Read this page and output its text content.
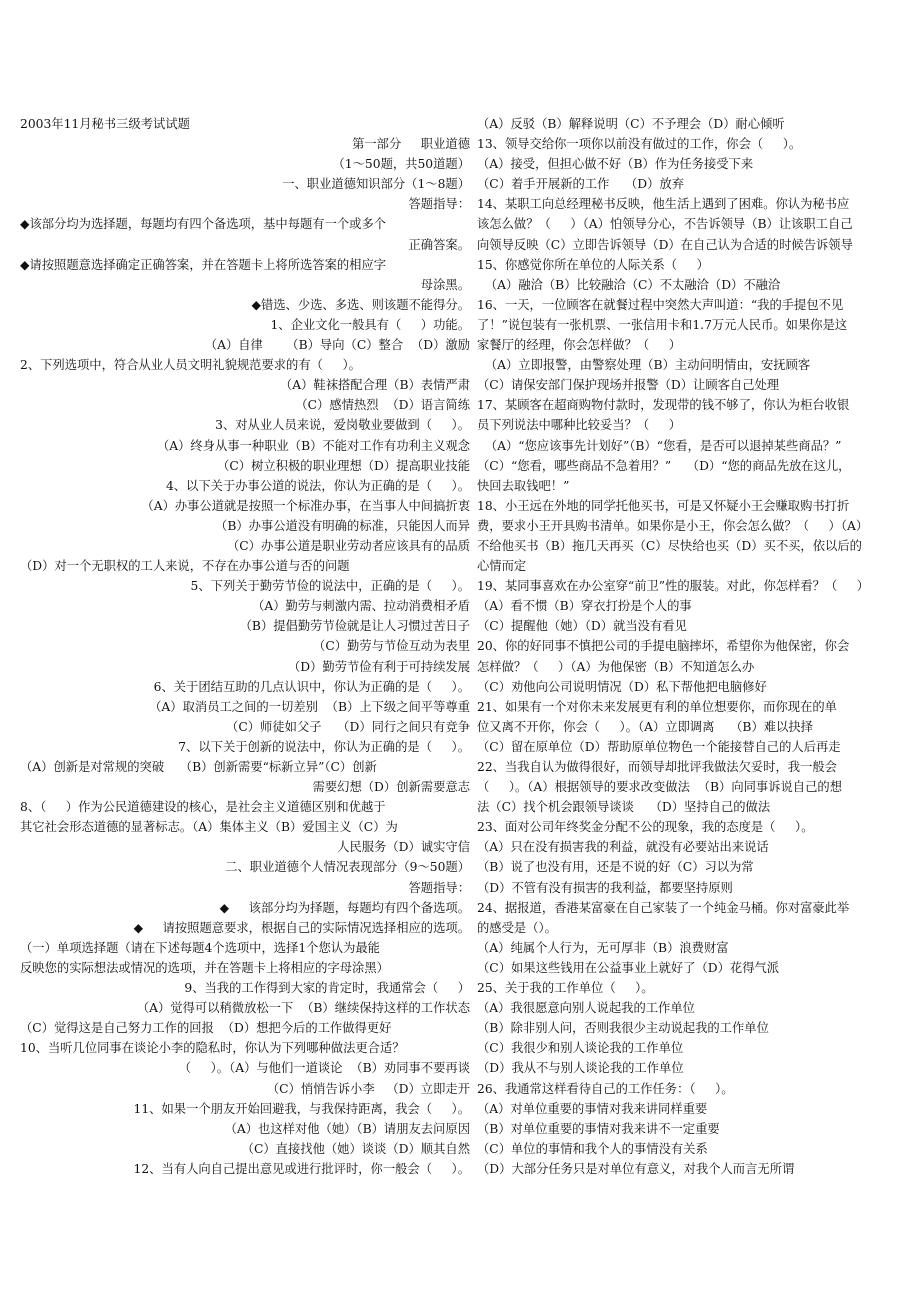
2003年11月秘书三级考试试题
第一部分     职业道德
（1～50题，共50道题）
一、职业道德知识部分（1～8题）
答题指导：
◆该部分均为选择题，每题均有四个备选项，基中每题有一个或多个
正确答案。
◆请按照题意选择确定正确答案，并在答题卡上将所选答案的相应字
母涂黑。
◆错选、少选、多选、则该题不能得分。
1、企业文化一般具有（     ）功能。
（A）自律      （B）导向（C）整合  （D）激励
2、下列选项中，符合从业人员文明礼貌规范要求的有（     ）。
（A）鞋袜搭配合理（B）表情严肃
（C）感情热烈  （D）语言简练
3、对从业人员来说，爱岗敬业要做到（     ）。
（A）终身从事一种职业（B）不能对工作有功利主义观念
（C）树立积极的职业理想（D）提高职业技能
4、以下关于办事公道的说法，你认为正确的是（     ）。
（A）办事公道就是按照一个标准办事，在当事人中间搞折衷
（B）办事公道没有明确的标准，只能因人而异
（C）办事公道是职业劳动者应该具有的品质
（D）对一个无职权的工人来说，不存在办事公道与否的问题
5、下列关于勤劳节俭的说法中，正确的是（     ）。
（A）勤劳与刺激内需、拉动消费相矛盾
（B）提倡勤劳节俭就是让人习惯过苦日子
（C）勤劳与节俭互动为表里
（D）勤劳节俭有利于可持续发展
6、关于团结互助的几点认识中，你认为正确的是（     ）。
（A）取消员工之间的一切差别  （B）上下级之间平等尊重
（C）师徒如父子    （D）同行之间只有竞争
7、以下关于创新的说法中，你认为正确的是（     ）。
（A）创新是对常规的突破    （B）创新需要“标新立异”（C）创新
需要幻想（D）创新需要意志
8、（     ）作为公民道德建设的核心，是社会主义道德区别和优越于
其它社会形态道德的显著标志。（A）集体主义（B）爱国主义（C）为
人民服务（D）诚实守信
二、职业道德个人情况表现部分（9～50题）
答题指导：
◆     该部分均为择题，每题均有四个备选项。
◆     请按照题意要求，根据自己的实际情况选择相应的选项。
（一）单项选择题（请在下述每题4个选项中，选择1个您认为最能
反映您的实际想法或情况的选项，并在答题卡上将相应的字母涂黑）
9、当我的工作得到大家的肯定时，我通常会（     ）
（A）觉得可以稍微放松一下  （B）继续保持这样的工作状态
（C）觉得这是自己努力工作的回报  （D）想把今后的工作做得更好
10、当听几位同事在谈论小李的隐私时，你认为下列哪种做法更合适？
（     ）。（A）与他们一道谈论  （B）劝同事不要再谈
（C）悄悄告诉小李   （D）立即走开
11、如果一个朋友开始回避我，与我保持距离，我会（     ）。
（A）也这样对他（她）（B）请朋友去问原因
（C）直接找他（她）谈谈（D）顺其自然
12、当有人向自己提出意见或进行批评时，你一般会（     ）。
（A）反驳（B）解释说明（C）不予理会（D）耐心倾听
13、领导交给你一项你以前没有做过的工作，你会（     ）。
（A）接受，但担心做不好（B）作为任务接受下来
（C）着手开展新的工作    （D）放弃
14、某职工向总经理秘书反映，他生活上遇到了困难。你认为秘书应
该怎么做？（     ）（A）怕领导分心，不告诉领导（B）让该职工自己
向领导反映（C）立即告诉领导（D）在自己认为合适的时候告诉领导
15、你感觉你所在单位的人际关系（     ）
（A）融洽（B）比较融洽（C）不太融洽（D）不融洽
16、一天，一位顾客在就餐过程中突然大声叫道：“我的手提包不见
了！”说包装有一张机票、一张信用卡和1.7万元人民币。如果你是这
家餐厅的经理，你会怎样做？（     ）
（A）立即报警，由警察处理（B）主动问明情由，安抚顾客
（C）请保安部门保护现场并报警（D）让顾客自己处理
17、某顾客在超商购物付款时，发现带的钱不够了，你认为柜台收银
员下列说法中哪种比较妥当？（     ）
（A）“您应该事先计划好”（B）“您看，是否可以退掉某些商品？”
（C）“您看，哪些商品不急着用？”    （D）“您的商品先放在这儿，
快回去取钱吧！”
18、小王远在外地的同学托他买书，可是又怀疑小王会赚取购书打折
费，要求小王开具购书清单。如果你是小王，你会怎么做？（     ）（A）
不给他买书（B）拖几天再买（C）尽快给也买（D）买不买，依以后的
心情而定
19、某同事喜欢在办公室穿“前卫”性的服装。对此，你怎样看？（     ）
（A）看不惯（B）穿衣打扮是个人的事
（C）提醒他（她）（D）就当没有看见
20、你的好同事不慎把公司的手提电脑摔坏，希望你为他保密，你会
怎样做？（     ）（A）为他保密（B）不知道怎么办
（C）劝他向公司说明情况（D）私下帮他把电脑修好
21、如果有一个对你未来发展更有利的单位想要你，而你现在的单
位又离不开你，你会（     ）。（A）立即调离    （B）难以抉择
（C）留在原单位（D）帮助原单位物色一个能接替自己的人后再走
22、当我自认为做得很好，而领导却批评我做法欠妥时，我一般会
（     ）。（A）根据领导的要求改变做法  （B）向同事诉说自己的想
法（C）找个机会跟领导谈谈    （D）坚持自己的做法
23、面对公司年终奖金分配不公的现象，我的态度是（     ）。
（A）只在没有损害我的利益，就没有必要站出来说话
（B）说了也没有用，还是不说的好（C）习以为常
（D）不管有没有损害的我利益，都要坚持原则
24、据报道，香港某富豪在自己家装了一个纯金马桶。你对富豪此举
的感受是（）。
（A）纯属个人行为，无可厚非（B）浪费财富
（C）如果这些钱用在公益事业上就好了（D）花得气派
25、关于我的工作单位（     ）。
（A）我很愿意向别人说起我的工作单位
（B）除非别人问，否则我很少主动说起我的工作单位
（C）我很少和别人谈论我的工作单位
（D）我从不与别人谈论我的工作单位
26、我通常这样看待自己的工作任务：（     ）。
（A）对单位重要的事情对我来讲同样重要
（B）对单位重要的事情对我来讲不一定重要
（C）单位的事情和我个人的事情没有关系
（D）大部分任务只是对单位有意义，对我个人而言无所谓
